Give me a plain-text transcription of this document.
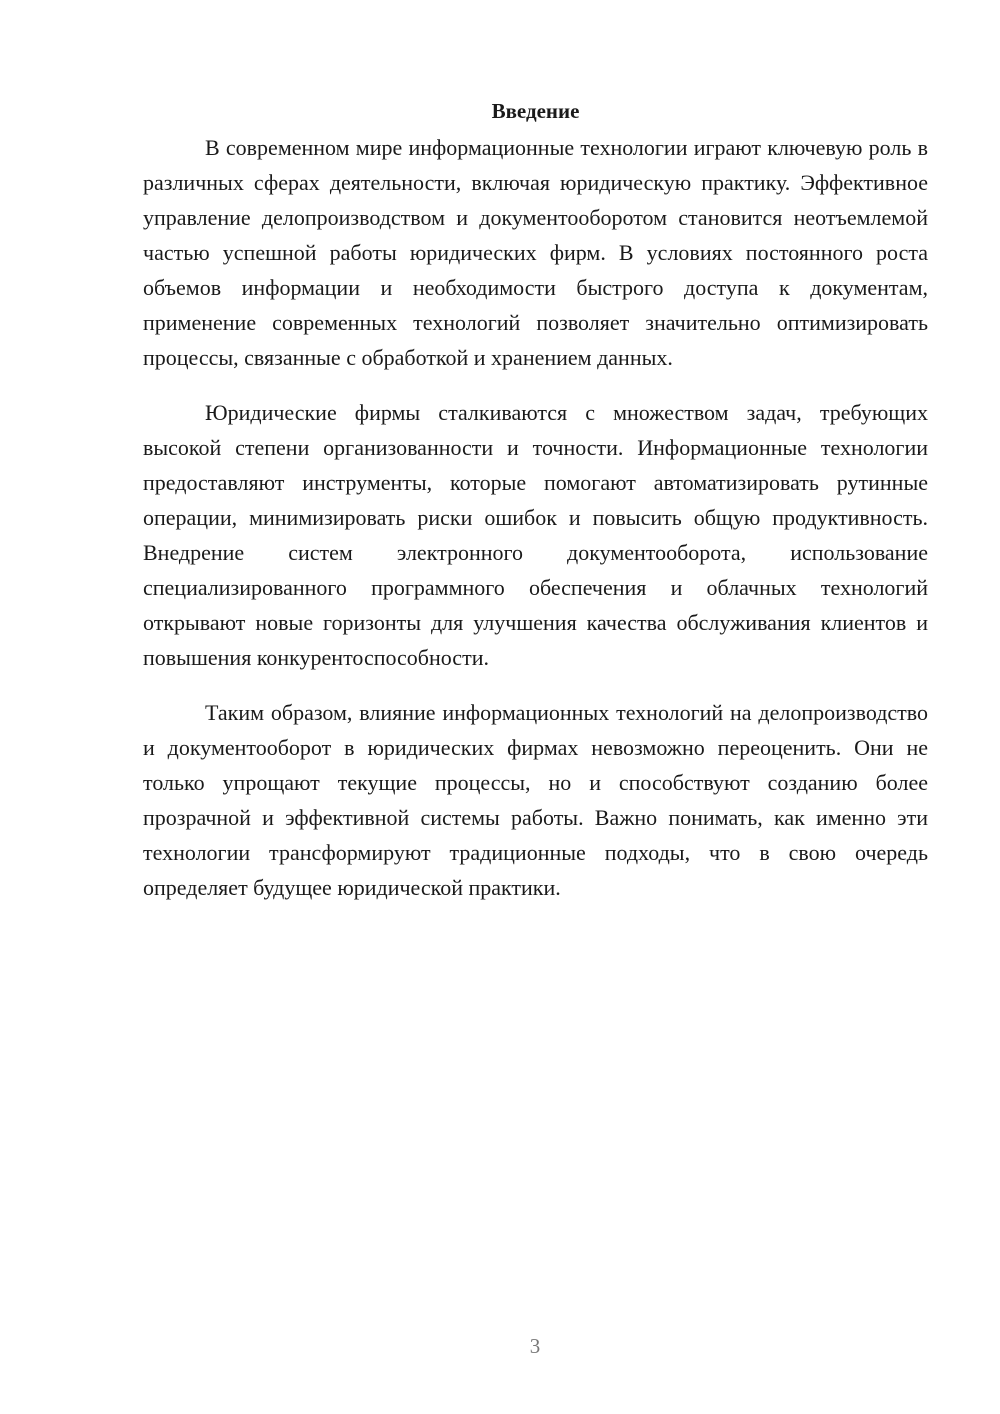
Введение

В современном мире информационные технологии играют ключевую роль в различных сферах деятельности, включая юридическую практику. Эффективное управление делопроизводством и документооборотом становится неотъемлемой частью успешной работы юридических фирм. В условиях постоянного роста объемов информации и необходимости быстрого доступа к документам, применение современных технологий позволяет значительно оптимизировать процессы, связанные с обработкой и хранением данных.

Юридические фирмы сталкиваются с множеством задач, требующих высокой степени организованности и точности. Информационные технологии предоставляют инструменты, которые помогают автоматизировать рутинные операции, минимизировать риски ошибок и повысить общую продуктивность. Внедрение систем электронного документооборота, использование специализированного программного обеспечения и облачных технологий открывают новые горизонты для улучшения качества обслуживания клиентов и повышения конкурентоспособности.

Таким образом, влияние информационных технологий на делопроизводство и документооборот в юридических фирмах невозможно переоценить. Они не только упрощают текущие процессы, но и способствуют созданию более прозрачной и эффективной системы работы. Важно понимать, как именно эти технологии трансформируют традиционные подходы, что в свою очередь определяет будущее юридической практики.

3
